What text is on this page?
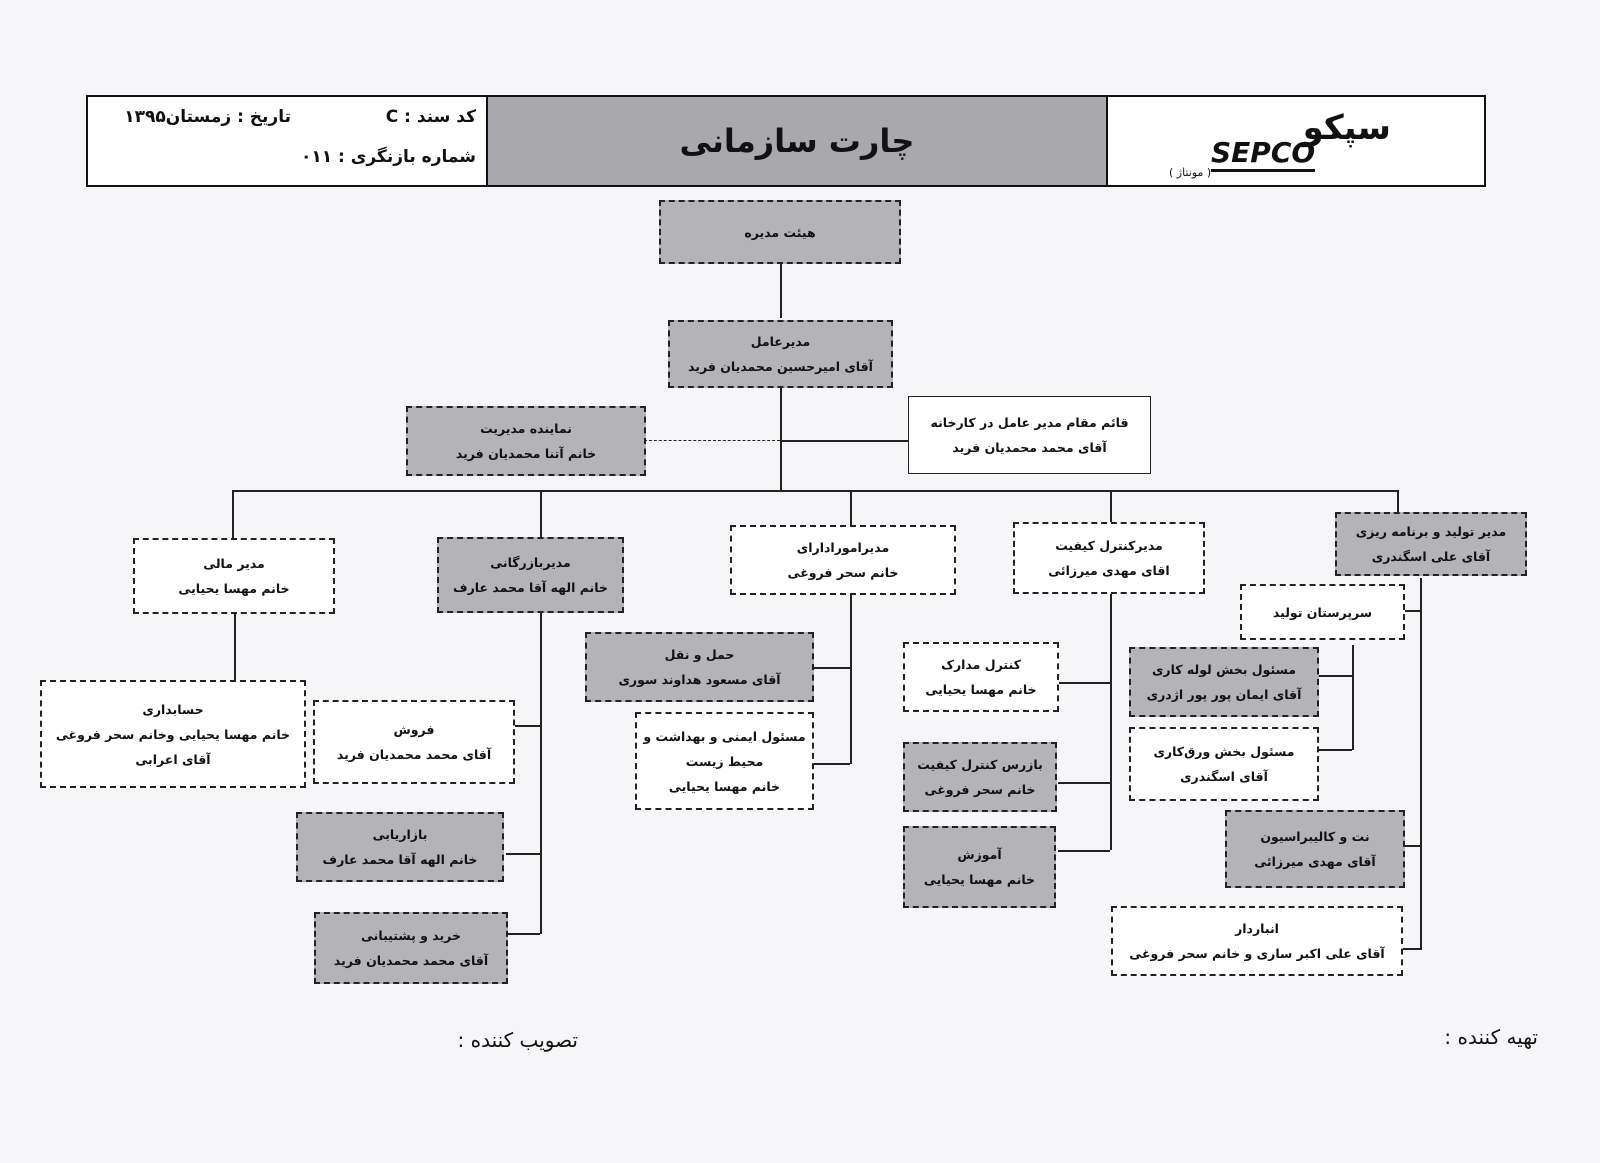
کد سند : C
تاریخ : زمستان۱۳۹۵
شماره بازنگری : ۰۱۱	چارت سازمانی	سپکو
SEPCO
( مونتاژ )
هیئت مدیره
مدیرعامل
آقای امیرحسین محمدیان فرید
نماینده مدیریت
خانم آتنا محمدیان فرید
قائم مقام مدیر عامل در کارخانه
آقای محمد محمدیان فرید
مدیر مالی
خانم مهسا یحیایی
مدیربازرگانی
خانم الهه آقا محمد عارف
مدیرامورادارای
خانم سحر فروغی
مدیرکنترل کیفیت
اقای مهدی میرزائی
مدیر تولید و برنامه ریزی
آقای علی اسگندری
حسابداری
خانم مهسا یحیایی وخانم سحر فروغی
آقای اعرابی
فروش
آقای محمد محمدیان فرید
بازاریابی
خانم الهه آقا محمد عارف
خرید و پشتیبانی
آقای محمد محمدیان فرید
حمل و نقل
آقای مسعود هداوند سوری
مسئول ایمنی و بهداشت و
محیط زیست
خانم مهسا یحیایی
کنترل مدارک
خانم مهسا یحیایی
بازرس کنترل کیفیت
خانم سحر فروغی
آموزش
خانم مهسا یحیایی
سرپرستان تولید
مسئول بخش لوله کاری
آقای ایمان پور پور اژدری
مسئول بخش ورق‌کاری
آقای اسگندری
نت و کالیبراسیون
آقای مهدی میرزائی
انباردار
آقای علی اکبر ساری و خانم سحر فروغی
تهیه کننده :
تصویب کننده :
